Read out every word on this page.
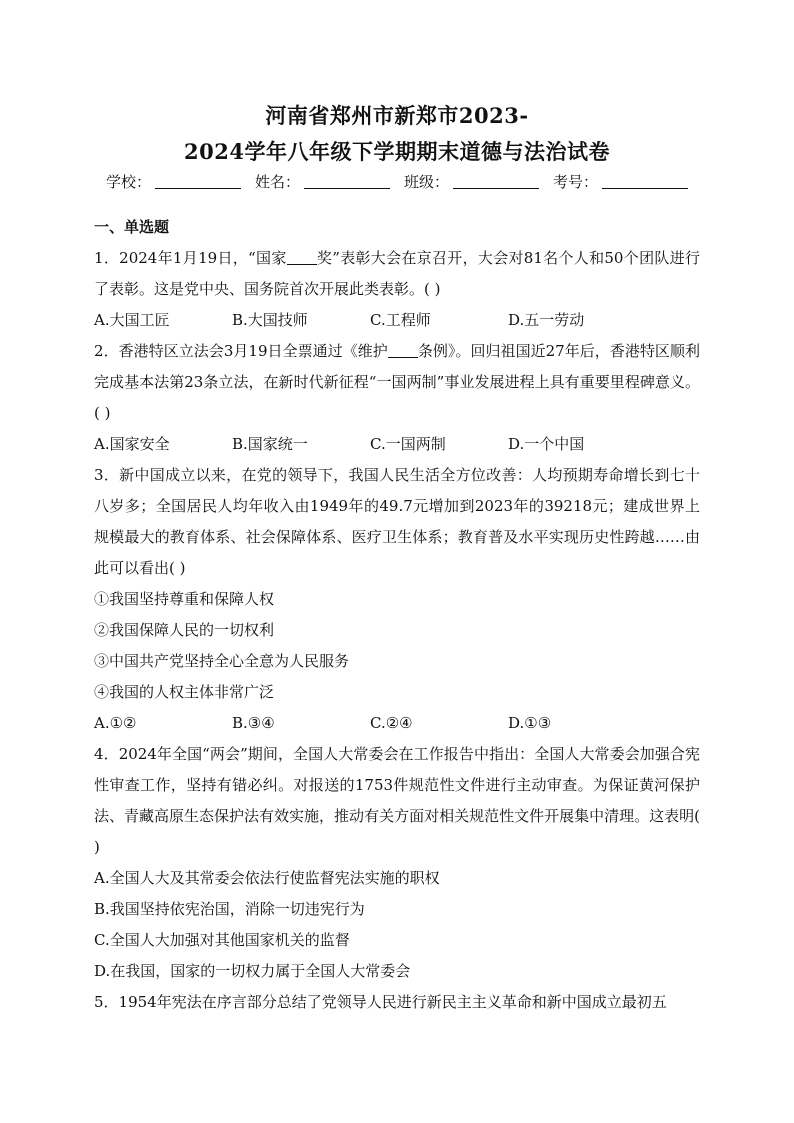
河南省郑州市新郑市2023-
2024学年八年级下学期期末道德与法治试卷
学校：	姓名：	班级：	考号：
一、单选题
1．2024年1月19日，“国家 奖”表彰大会在京召开，大会对81名个人和50个团队进行了表彰。这是党中央、国务院首次开展此类表彰。( )
A.大国工匠	B.大国技师	C.工程师	D.五一劳动
2．香港特区立法会3月19日全票通过《维护 条例》。回归祖国近27年后，香港特区顺利完成基本法第23条立法，在新时代新征程“一国两制”事业发展进程上具有重要里程碑意义。( )
A.国家安全	B.国家统一	C.一国两制	D.一个中国
3．新中国成立以来，在党的领导下，我国人民生活全方位改善：人均预期寿命增长到七十八岁多；全国居民人均年收入由1949年的49.7元增加到2023年的39218元；建成世界上规模最大的教育体系、社会保障体系、医疗卫生体系；教育普及水平实现历史性跨越……由此可以看出( )
①我国坚持尊重和保障人权
②我国保障人民的一切权利
③中国共产党坚持全心全意为人民服务
④我国的人权主体非常广泛
A.①②	B.③④	C.②④	D.①③
4．2024年全国“两会”期间，全国人大常委会在工作报告中指出：全国人大常委会加强合宪性审查工作，坚持有错必纠。对报送的1753件规范性文件进行主动审查。为保证黄河保护法、青藏高原生态保护法有效实施，推动有关方面对相关规范性文件开展集中清理。这表明( )
A.全国人大及其常委会依法行使监督宪法实施的职权
B.我国坚持依宪治国，消除一切违宪行为
C.全国人大加强对其他国家机关的监督
D.在我国，国家的一切权力属于全国人大常委会
5．1954年宪法在序言部分总结了党领导人民进行新民主主义革命和新中国成立最初五
